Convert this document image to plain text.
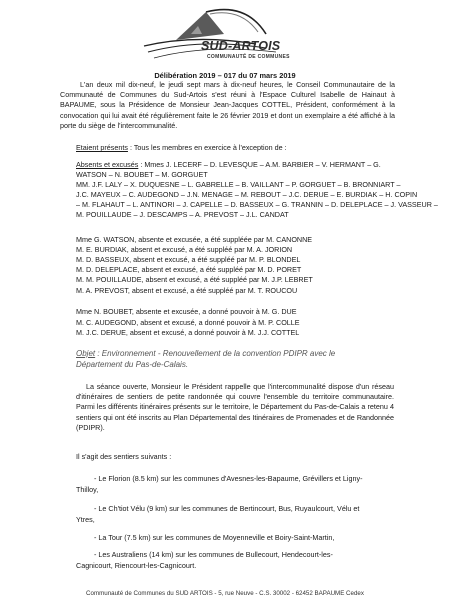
SUD-ARTOIS
COMMUNAUTÉ DE COMMUNES
Délibération 2019 – 017 du 07 mars 2019
L'an deux mil dix-neuf, le jeudi sept mars à dix-neuf heures, le Conseil Communautaire de la Communauté de Communes du Sud-Artois s'est réuni à l'Espace Culturel Isabelle de Hainaut à BAPAUME, sous la Présidence de Monsieur Jean-Jacques COTTEL, Président, conformément à la convocation qui lui avait été régulièrement faite le 26 février 2019 et dont un exemplaire a été affiché à la porte du siège de l'intercommunalité.
Etaient présents : Tous les membres en exercice à l'exception de :
Absents et excusés : Mmes J. LECERF – D. LEVESQUE – A.M. BARBIER – V. HERMANT – G.
WATSON – N. BOUBET – M. GORGUET
MM. J.F. LALY – X. DUQUESNE – L. GABRELLE – B. VAILLANT – P. GORGUET – B. BRONNIART –
J.C. MAYEUX – C. AUDEGOND – J.N. MENAGE – M. REBOUT – J.C. DERUE – E. BURDIAK – H. COPIN
– M. FLAHAUT – L. ANTINORI – J. CAPELLE – D. BASSEUX – G. TRANNIN – D. DELEPLACE – J. VASSEUR –
M. POUILLAUDE – J. DESCAMPS – A. PREVOST – J.L. CANDAT
Mme G. WATSON, absente et excusée, a été suppléée par M. CANONNE
M. E. BURDIAK, absent et excusé, a été suppléé par M. A. JORION
M. D. BASSEUX, absent et excusé, a été suppléé par M. P. BLONDEL
M. D. DELEPLACE, absent et excusé, a été suppléé par M. D. PORET
M. M. POUILLAUDE, absent et excusé, a été suppléé par M. J.P. LEBRET
M. A. PREVOST, absent et excusé, a été suppléé par M. T. ROUCOU
Mme N. BOUBET, absente et excusée, a donné pouvoir à M. G. DUE
M. C. AUDEGOND, absent et excusé, a donné pouvoir à M. P. COLLE
M. J.C. DERUE, absent et excusé, a donné pouvoir à M. J.J. COTTEL
Objet : Environnement - Renouvellement de la convention PDIPR avec le
Département du Pas-de-Calais.
La séance ouverte, Monsieur le Président rappelle que l'intercommunalité dispose d'un réseau d'itinéraires de sentiers de petite randonnée qui couvre l'ensemble du territoire communautaire. Parmi les différents itinéraires présents sur le territoire, le Département du Pas-de-Calais a retenu 4 sentiers qui ont été inscrits au Plan Départemental des Itinéraires de Promenades et de Randonnée (PDIPR).
Il s'agit des sentiers suivants :
- Le Florion (8.5 km) sur les communes d'Avesnes-les-Bapaume, Grévillers et Ligny-
Thilloy,
- Le Ch'tiot Vélu (9 km) sur les communes de Bertincourt, Bus, Ruyaulcourt, Vélu et
Ytres,
- La Tour (7.5 km) sur les communes de Moyenneville et Boiry-Saint-Martin,
- Les Australiens (14 km) sur les communes de Bullecourt, Hendecourt-les-
Cagnicourt, Riencourt-les-Cagnicourt.
Communauté de Communes du SUD ARTOIS - 5, rue Neuve - C.S. 30002 - 62452 BAPAUME Cedex
